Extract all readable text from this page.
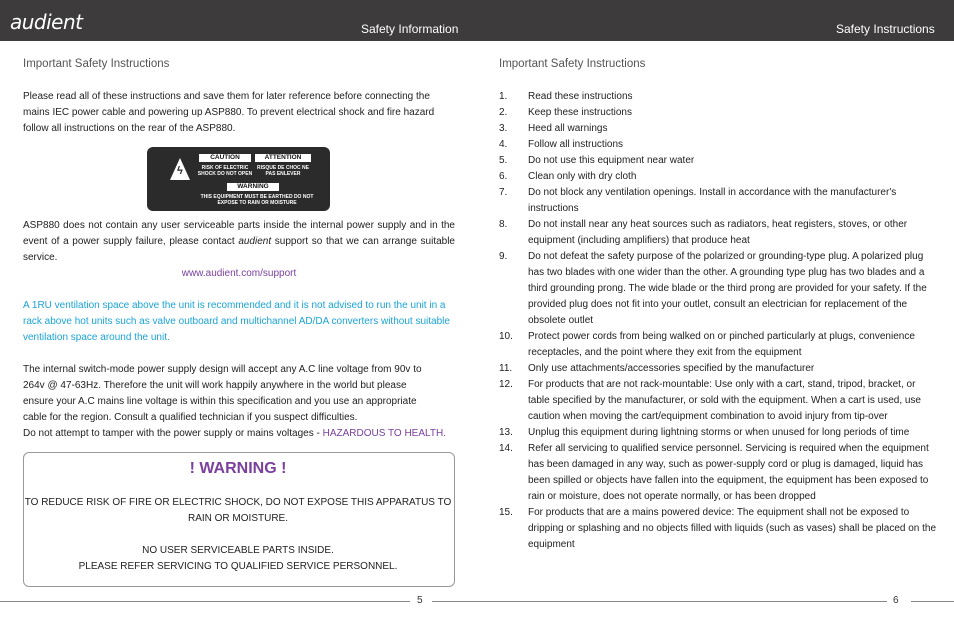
audient	Safety Information	Safety Instructions
Important Safety Instructions
Please read all of these instructions and save them for later reference before connecting the mains IEC power cable and powering up ASP880. To prevent electrical shock and fire hazard follow all instructions on the rear of the ASP880.
ϟ
CAUTION	ATTENTION
RISK OF ELECTRIC SHOCK DO NOT OPEN
RISQUE DE CHOC NE PAS ENLEVER
WARNING
THIS EQUIPMENT MUST BE EARTHED DO NOT EXPOSE TO RAIN OR MOISTURE
ASP880 does not contain any user serviceable parts inside the internal power supply and in the event of a power supply failure, please contact audient support so that we can arrange suitable service.
www.audient.com/support
A 1RU ventilation space above the unit is recommended and it is not advised to run the unit in a rack above hot units such as valve outboard and multichannel AD/DA converters without suitable ventilation space around the unit.
The internal switch-mode power supply design will accept any A.C line voltage from 90v to 264v @ 47-63Hz. Therefore the unit will work happily anywhere in the world but please ensure your A.C mains line voltage is within this specification and you use an appropriate cable for the region. Consult a qualified technician if you suspect difficulties.
Do not attempt to tamper with the power supply or mains voltages - HAZARDOUS TO HEALTH.
! WARNING !
TO REDUCE RISK OF FIRE OR ELECTRIC SHOCK, DO NOT EXPOSE THIS APPARATUS TO RAIN OR MOISTURE.
NO USER SERVICEABLE PARTS INSIDE.
PLEASE REFER SERVICING TO QUALIFIED SERVICE PERSONNEL.
5
Important Safety Instructions
1. Read these instructions
2. Keep these instructions
3. Heed all warnings
4. Follow all instructions
5. Do not use this equipment near water
6. Clean only with dry cloth
7. Do not block any ventilation openings. Install in accordance with the manufacturer's instructions
8. Do not install near any heat sources such as radiators, heat registers, stoves, or other equipment (including amplifiers) that produce heat
9. Do not defeat the safety purpose of the polarized or grounding-type plug. A polarized plug has two blades with one wider than the other. A grounding type plug has two blades and a third grounding prong. The wide blade or the third prong are provided for your safety. If the provided plug does not fit into your outlet, consult an electrician for replacement of the obsolete outlet
10. Protect power cords from being walked on or pinched particularly at plugs, convenience receptacles, and the point where they exit from the equipment
11. Only use attachments/accessories specified by the manufacturer
12. For products that are not rack-mountable: Use only with a cart, stand, tripod, bracket, or table specified by the manufacturer, or sold with the equipment. When a cart is used, use caution when moving the cart/equipment combination to avoid injury from tip-over
13. Unplug this equipment during lightning storms or when unused for long periods of time
14. Refer all servicing to qualified service personnel. Servicing is required when the equipment has been damaged in any way, such as power-supply cord or plug is damaged, liquid has been spilled or objects have fallen into the equipment, the equipment has been exposed to rain or moisture, does not operate normally, or has been dropped
15. For products that are a mains powered device: The equipment shall not be exposed to dripping or splashing and no objects filled with liquids (such as vases) shall be placed on the equipment
6
